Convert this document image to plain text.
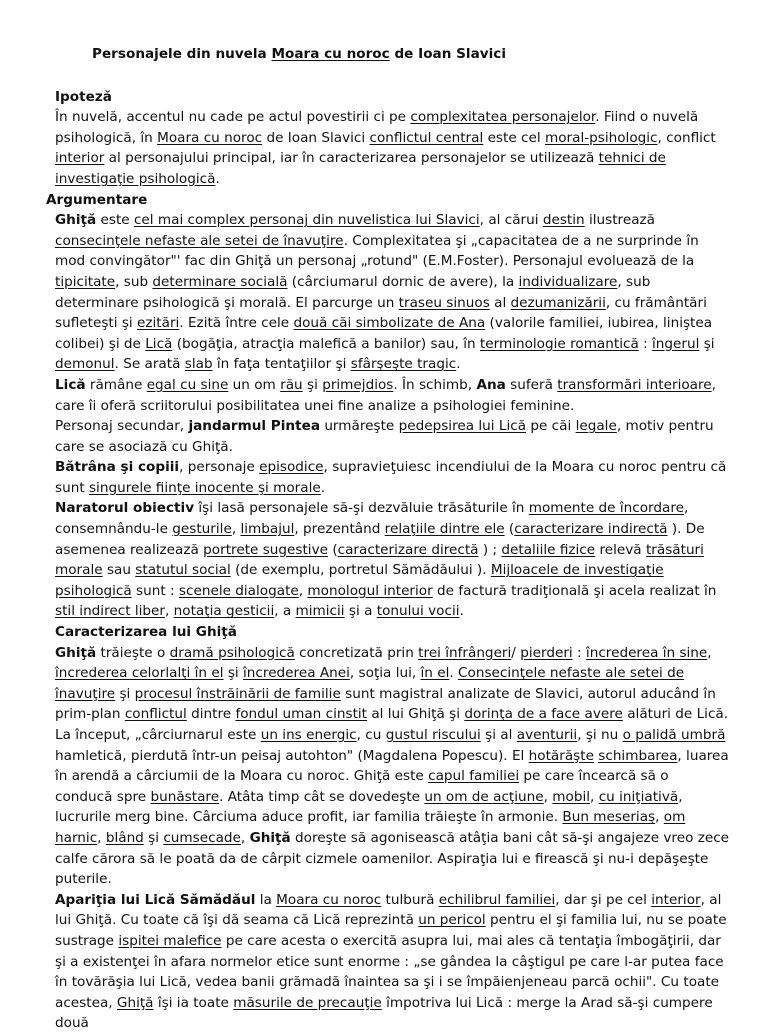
Personajele din nuvela Moara cu noroc de Ioan Slavici

Ipoteză

În nuvelă, accentul nu cade pe actul povestirii ci pe complexitatea personajelor. Fiind o nuvelă psihologică, în Moara cu noroc de Ioan Slavici conflictul central este cel moral-psihologic, conflict interior al personajului principal, iar în caracterizarea personajelor se utilizează tehnici de investigaţie psihologică.

Argumentare

Ghiţă este cel mai complex personaj din nuvelistica lui Slavici, al cărui destin ilustrează consecinţele nefaste ale setei de înavuţire. Complexitatea şi „capacitatea de a ne surprinde în mod convingător"' fac din Ghiţă un personaj „rotund" (E.M.Foster). Personajul evoluează de la tipicitate, sub determinare socială (cârciumarul dornic de avere), la individualizare, sub determinare psihologică şi morală. El parcurge un traseu sinuos al dezumanizării, cu frământări sufleteşti şi ezitări. Ezită între cele două căi simbolizate de Ana (valorile familiei, iubirea, liniştea colibei) şi de Lică (bogăţia, atracţia malefică a banilor) sau, în terminologie romantică : îngerul şi demonul. Se arată slab în faţa tentaţiilor şi sfârşeşte tragic.

Lică rămâne egal cu sine un om rău şi primejdios. În schimb, Ana suferă transformări interioare, care îi oferă scriitorului posibilitatea unei fine analize a psihologiei feminine.

Personaj secundar, jandarmul Pintea urmăreşte pedepsirea lui Lică pe căi legale, motiv pentru care se asociază cu Ghiţă.

Bătrâna şi copiii, personaje episodice, supravieţuiesc incendiului de la Moara cu noroc pentru că sunt singurele fiinţe inocente şi morale.

Naratorul obiectiv îşi lasă personajele să-şi dezvăluie trăsăturile în momente de încordare, consemnându-le gesturile, limbajul, prezentând relaţiile dintre ele (caracterizare indirectă ). De asemenea realizează portrete sugestive (caracterizare directă ) ; detaliile fizice relevă trăsături morale sau statutul social (de exemplu, portretul Sămădăului ). Mijloacele de investigaţie psihologică sunt : scenele dialogate, monologul interior de factură tradiţională şi acela realizat în stil indirect liber, notaţia gesticii, a mimicii şi a tonului vocii.

Caracterizarea lui Ghiţă

Ghiţă trăieşte o dramă psihologică concretizată prin trei înfrângeri/ pierderi : încrederea în sine, încrederea celorlalţi în el şi încrederea Anei, soţia lui, în el. Consecinţele nefaste ale setei de înavuţire şi procesul înstrăinării de familie sunt magistral analizate de Slavici, autorul aducând în prim-plan conflictul dintre fondul uman cinstit al lui Ghiţă şi dorinţa de a face avere alături de Lică.

La început, „cârciurnarul este un ins energic, cu gustul riscului şi al aventurii, şi nu o palidă umbră hamletică, pierdută într-un peisaj autohton" (Magdalena Popescu). El hotărăşte schimbarea, luarea în arendă a cârciumii de la Moara cu noroc. Ghiţă este capul familiei pe care încearcă să o conducă spre bunăstare. Atâta timp cât se dovedeşte un om de acţiune, mobil, cu iniţiativă, lucrurile merg bine. Cârciuma aduce profit, iar familia trăieşte în armonie. Bun meseriaş, om harnic, blând şi cumsecade, Ghiţă doreşte să agonisească atâţia bani cât să-şi angajeze vreo zece calfe cărora să le poată da de cârpit cizmele oamenilor. Aspiraţia lui e firească şi nu-i depăşeşte puterile.

Apariţia lui Lică Sămădăul la Moara cu noroc tulbură echilibrul familiei, dar şi pe cel interior, al lui Ghiţă. Cu toate că îşi dă seama că Lică reprezintă un pericol pentru el şi familia lui, nu se poate sustrage ispitei malefice pe care acesta o exercită asupra lui, mai ales că tentaţia îmbogăţirii, dar şi a existenţei în afara normelor etice sunt enorme : „se gândea la câştigul pe care l-ar putea face în tovărăşia lui Lică, vedea banii grămadă înaintea sa şi i se împăienjeneau parcă ochii". Cu toate acestea, Ghiţă îşi ia toate măsurile de precauţie împotriva lui Lică : merge la Arad să-şi cumpere două
